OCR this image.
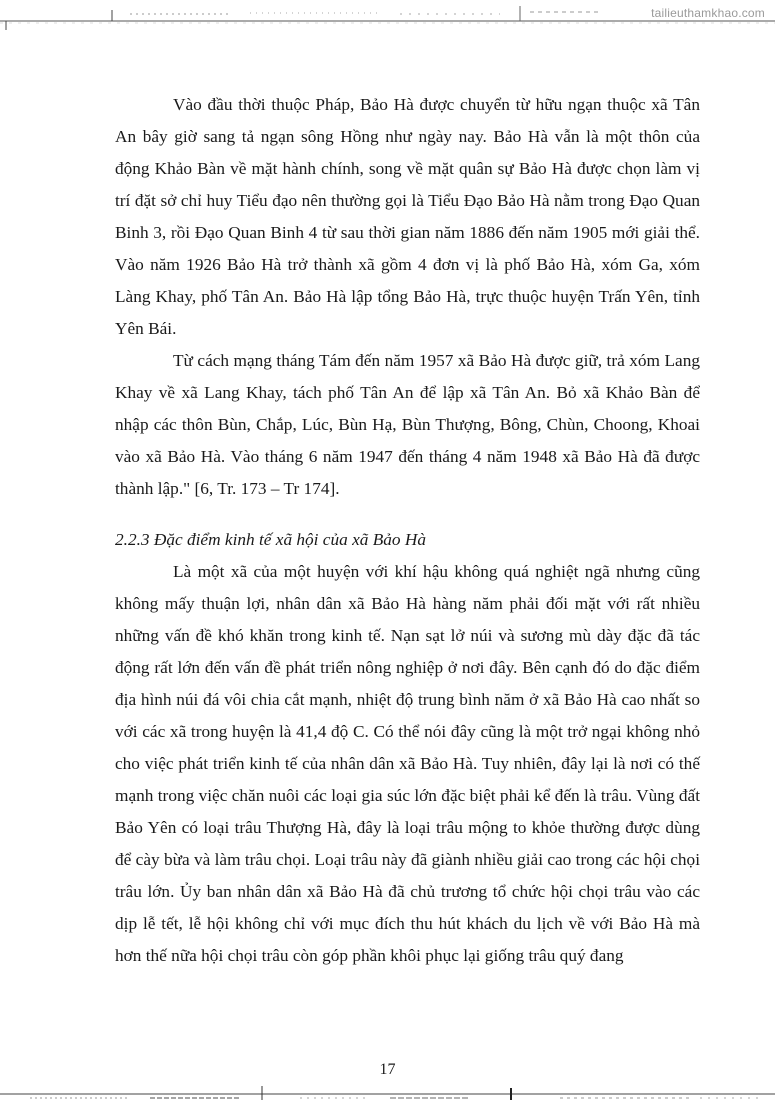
tailieuthamkhao.com

Vào đầu thời thuộc Pháp, Bảo Hà được chuyển từ hữu ngạn thuộc xã Tân An bây giờ sang tả ngạn sông Hồng như ngày nay. Bảo Hà vẫn là một thôn của động Khảo Bàn về mặt hành chính, song về mặt quân sự Bảo Hà được chọn làm vị trí đặt sở chỉ huy Tiểu đạo nên thường gọi là Tiểu Đạo Bảo Hà nằm trong Đạo Quan Binh 3, rồi Đạo Quan Binh 4 từ sau thời gian năm 1886 đến năm 1905 mới giải thể. Vào năm 1926 Bảo Hà trở thành xã gồm 4 đơn vị là phố Bảo Hà, xóm Ga, xóm Làng Khay, phố Tân An. Bảo Hà lập tổng Bảo Hà, trực thuộc huyện Trấn Yên, tỉnh Yên Bái.

Từ cách mạng tháng Tám đến năm 1957 xã Bảo Hà được giữ, trả xóm Lang Khay về xã Lang Khay, tách phố Tân An để lập xã Tân An. Bỏ xã Khảo Bàn để nhập các thôn Bùn, Chắp, Lúc, Bùn Hạ, Bùn Thượng, Bông, Chùn, Choong, Khoai vào xã Bảo Hà. Vào tháng 6 năm 1947 đến tháng 4 năm 1948 xã Bảo Hà đã được thành lập." [6, Tr. 173 – Tr 174].

2.2.3 Đặc điểm kinh tế xã hội của xã Bảo Hà

Là một xã của một huyện với khí hậu không quá nghiệt ngã nhưng cũng không mấy thuận lợi, nhân dân xã Bảo Hà hàng năm phải đối mặt với rất nhiều những vấn đề khó khăn trong kinh tế. Nạn sạt lở núi và sương mù dày đặc đã tác động rất lớn đến vấn đề phát triển nông nghiệp ở nơi đây. Bên cạnh đó do đặc điểm địa hình núi đá vôi chia cắt mạnh, nhiệt độ trung bình năm ở xã Bảo Hà cao nhất so với các xã trong huyện là 41,4 độ C. Có thể nói đây cũng là một trở ngại không nhỏ cho việc phát triển kinh tế của nhân dân xã Bảo Hà. Tuy nhiên, đây lại là nơi có thế mạnh trong việc chăn nuôi các loại gia súc lớn đặc biệt phải kể đến là trâu. Vùng đất Bảo Yên có loại trâu Thượng Hà, đây là loại trâu mộng to khỏe thường được dùng để cày bừa và làm trâu chọi. Loại trâu này đã giành nhiều giải cao trong các hội chọi trâu lớn. Ủy ban nhân dân xã Bảo Hà đã chủ trương tổ chức hội chọi trâu vào các dịp lễ tết, lễ hội không chỉ với mục đích thu hút khách du lịch về với Bảo Hà mà hơn thế nữa hội chọi trâu còn góp phần khôi phục lại giống trâu quý đang

17
